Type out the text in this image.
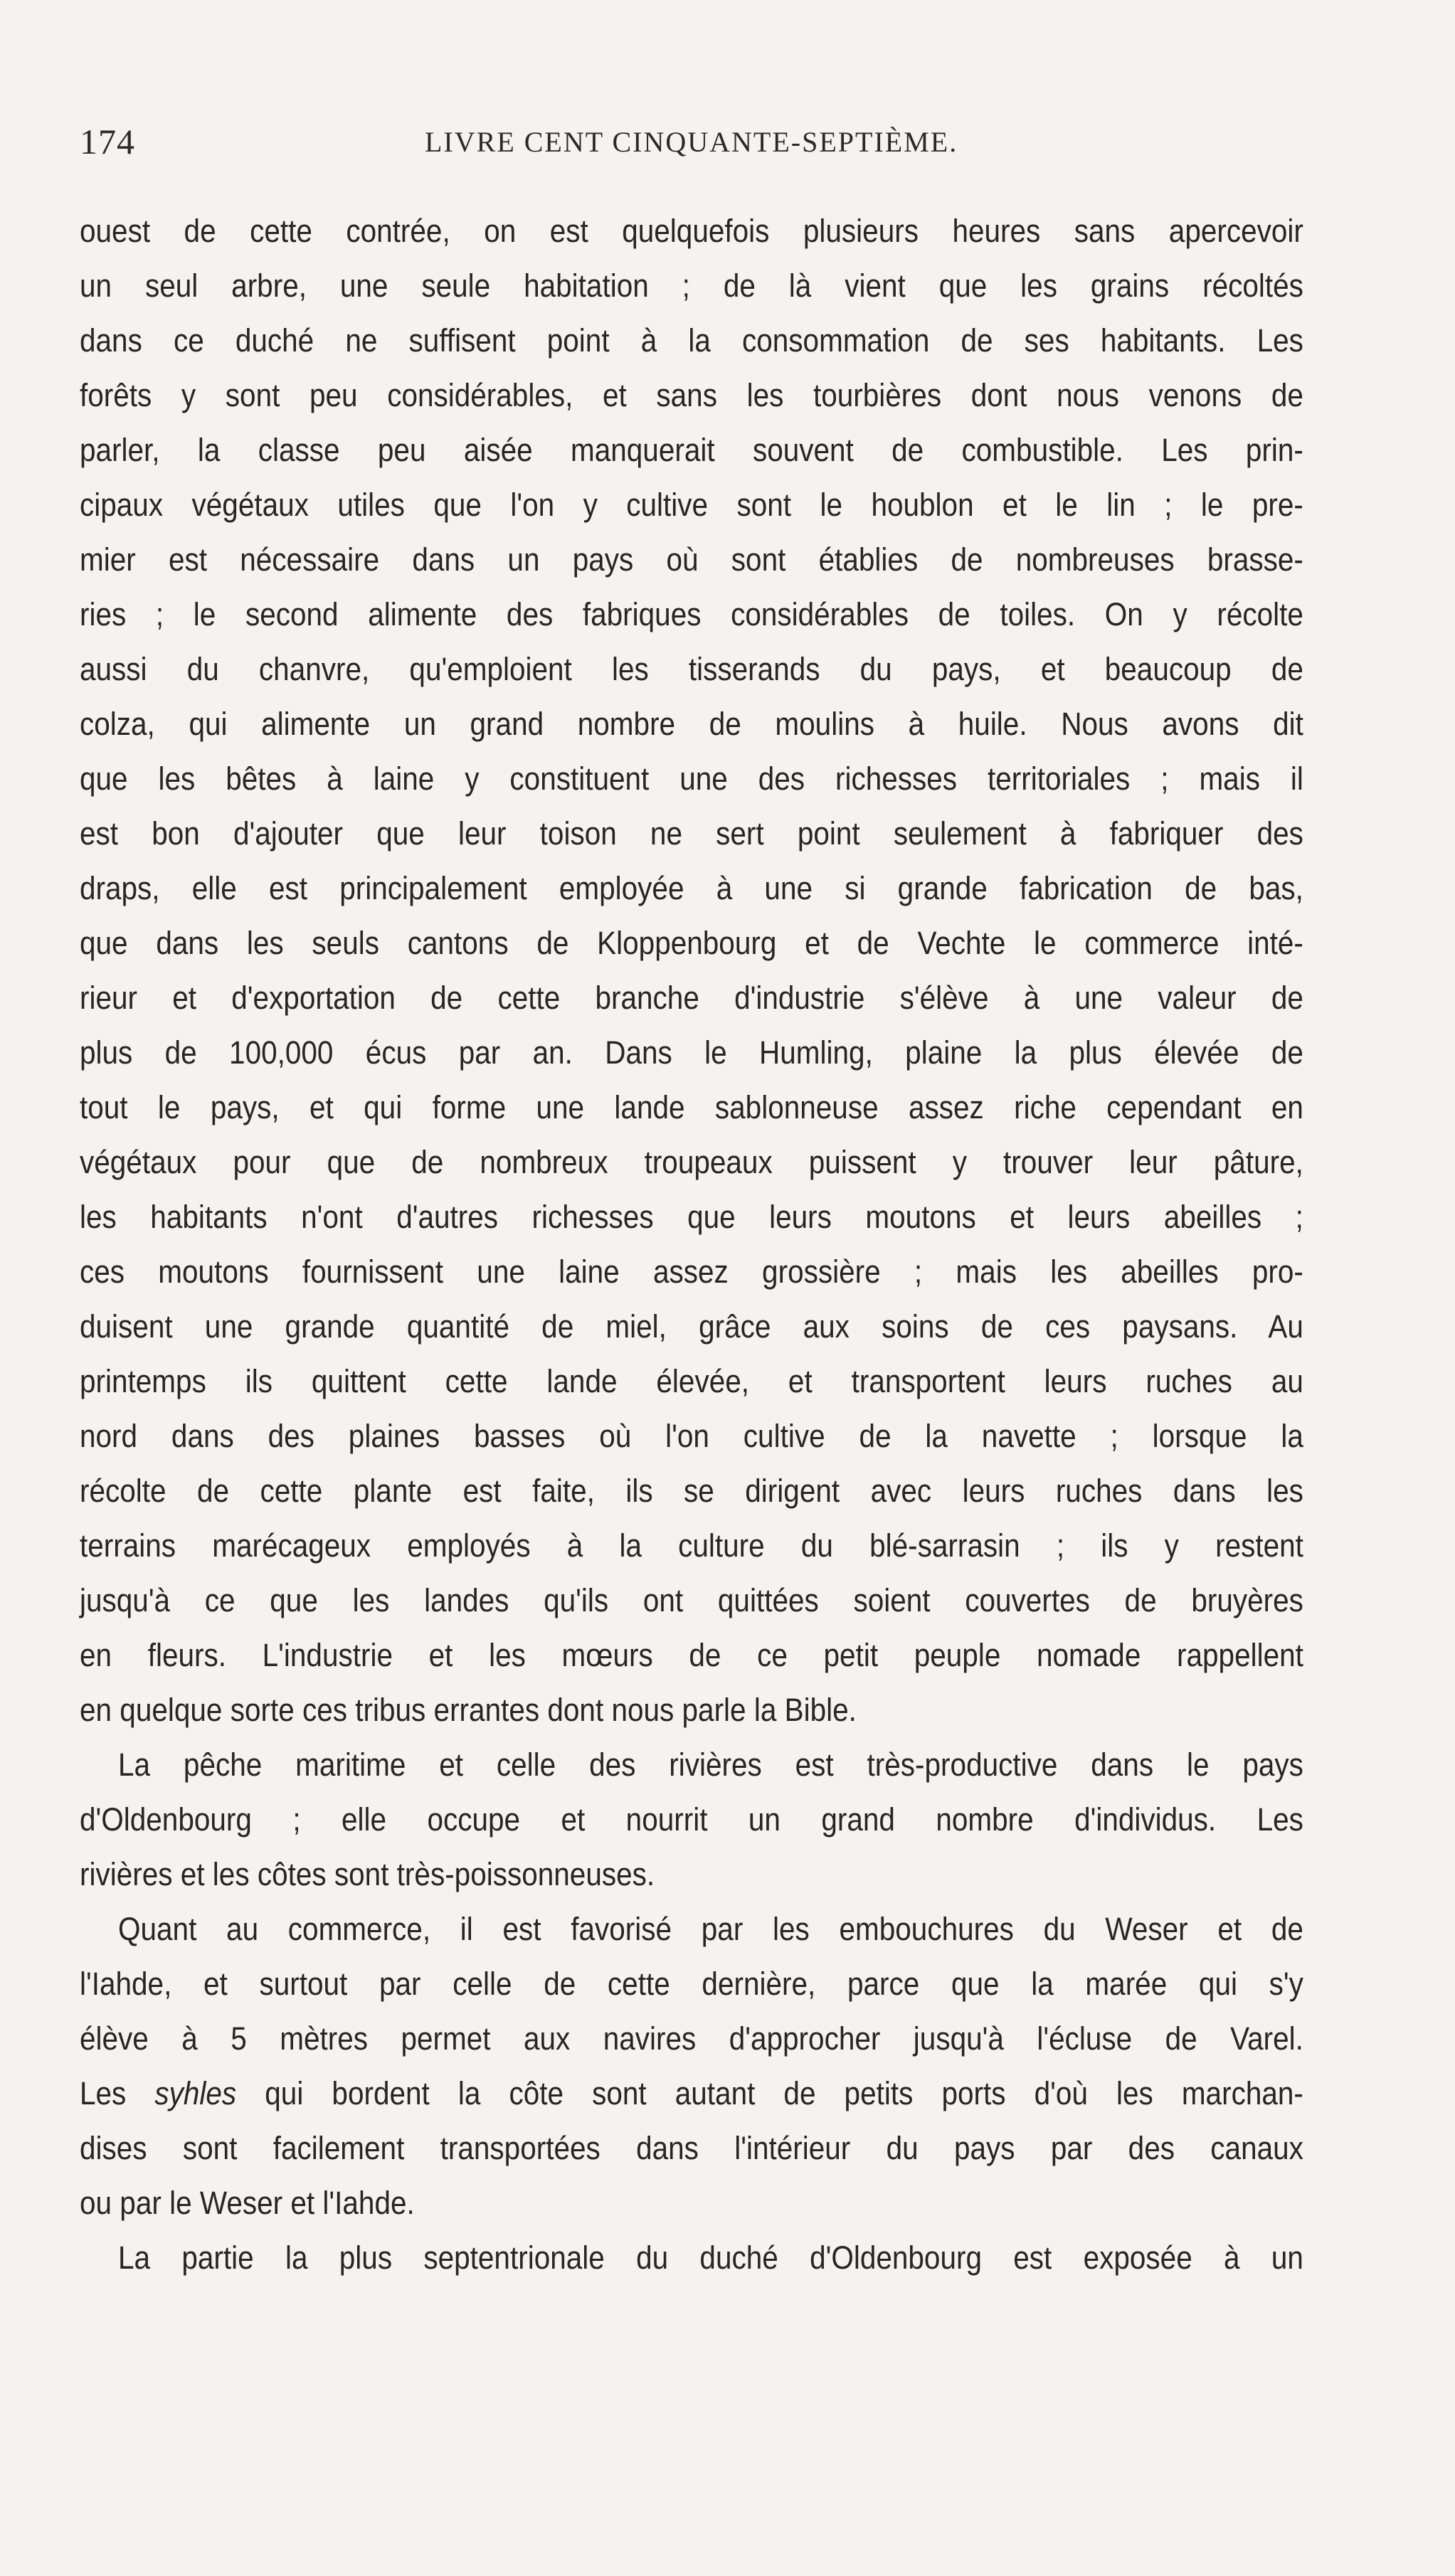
174	LIVRE CENT CINQUANTE-SEPTIÈME.
ouest de cette contrée, on est quelquefois plusieurs heures sans apercevoir
un seul arbre, une seule habitation ; de là vient que les grains récoltés
dans ce duché ne suffisent point à la consommation de ses habitants. Les
forêts y sont peu considérables, et sans les tourbières dont nous venons de
parler, la classe peu aisée manquerait souvent de combustible. Les prin-
cipaux végétaux utiles que l'on y cultive sont le houblon et le lin ; le pre-
mier est nécessaire dans un pays où sont établies de nombreuses brasse-
ries ; le second alimente des fabriques considérables de toiles. On y récolte
aussi du chanvre, qu'emploient les tisserands du pays, et beaucoup de
colza, qui alimente un grand nombre de moulins à huile. Nous avons dit
que les bêtes à laine y constituent une des richesses territoriales ; mais il
est bon d'ajouter que leur toison ne sert point seulement à fabriquer des
draps, elle est principalement employée à une si grande fabrication de bas,
que dans les seuls cantons de Kloppenbourg et de Vechte le commerce inté-
rieur et d'exportation de cette branche d'industrie s'élève à une valeur de
plus de 100,000 écus par an. Dans le Humling, plaine la plus élevée de
tout le pays, et qui forme une lande sablonneuse assez riche cependant en
végétaux pour que de nombreux troupeaux puissent y trouver leur pâture,
les habitants n'ont d'autres richesses que leurs moutons et leurs abeilles ;
ces moutons fournissent une laine assez grossière ; mais les abeilles pro-
duisent une grande quantité de miel, grâce aux soins de ces paysans. Au
printemps ils quittent cette lande élevée, et transportent leurs ruches au
nord dans des plaines basses où l'on cultive de la navette ; lorsque la
récolte de cette plante est faite, ils se dirigent avec leurs ruches dans les
terrains marécageux employés à la culture du blé-sarrasin ; ils y restent
jusqu'à ce que les landes qu'ils ont quittées soient couvertes de bruyères
en fleurs. L'industrie et les mœurs de ce petit peuple nomade rappellent
en quelque sorte ces tribus errantes dont nous parle la Bible.
La pêche maritime et celle des rivières est très-productive dans le pays
d'Oldenbourg ; elle occupe et nourrit un grand nombre d'individus. Les
rivières et les côtes sont très-poissonneuses.
Quant au commerce, il est favorisé par les embouchures du Weser et de
l'Iahde, et surtout par celle de cette dernière, parce que la marée qui s'y
élève à 5 mètres permet aux navires d'approcher jusqu'à l'écluse de Varel.
Les syhles qui bordent la côte sont autant de petits ports d'où les marchan-
dises sont facilement transportées dans l'intérieur du pays par des canaux
ou par le Weser et l'Iahde.
La partie la plus septentrionale du duché d'Oldenbourg est exposée à un
